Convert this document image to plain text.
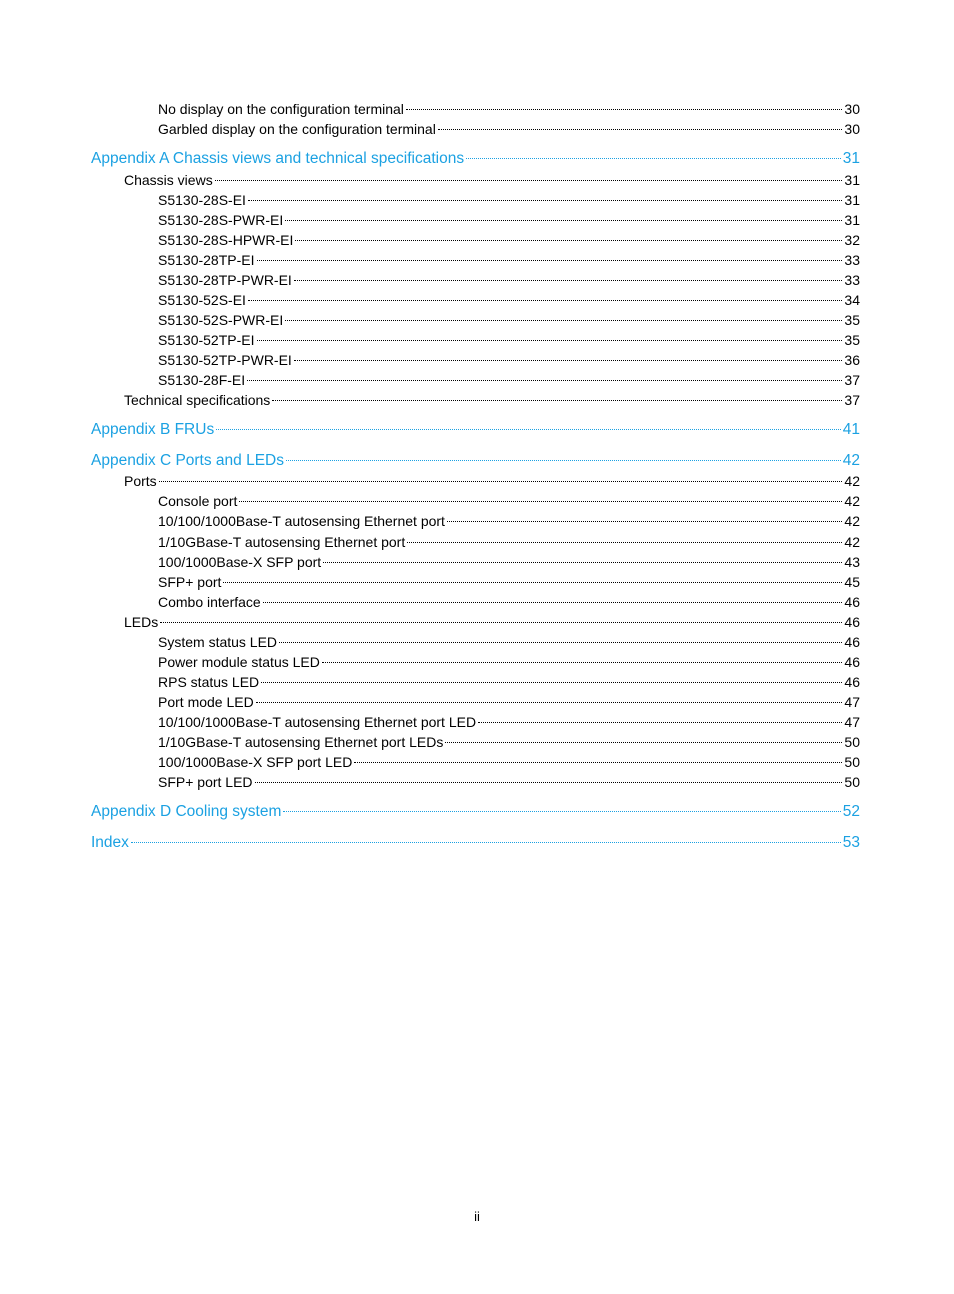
No display on the configuration terminal	30
Garbled display on the configuration terminal	30
Appendix A Chassis views and technical specifications	31
Chassis views	31
S5130-28S-EI	31
S5130-28S-PWR-EI	31
S5130-28S-HPWR-EI	32
S5130-28TP-EI	33
S5130-28TP-PWR-EI	33
S5130-52S-EI	34
S5130-52S-PWR-EI	35
S5130-52TP-EI	35
S5130-52TP-PWR-EI	36
S5130-28F-EI	37
Technical specifications	37
Appendix B FRUs	41
Appendix C Ports and LEDs	42
Ports	42
Console port	42
10/100/1000Base-T autosensing Ethernet port	42
1/10GBase-T autosensing Ethernet port	42
100/1000Base-X SFP port	43
SFP+ port	45
Combo interface	46
LEDs	46
System status LED	46
Power module status LED	46
RPS status LED	46
Port mode LED	47
10/100/1000Base-T autosensing Ethernet port LED	47
1/10GBase-T autosensing Ethernet port LEDs	50
100/1000Base-X SFP port LED	50
SFP+ port LED	50
Appendix D Cooling system	52
Index	53
ii
